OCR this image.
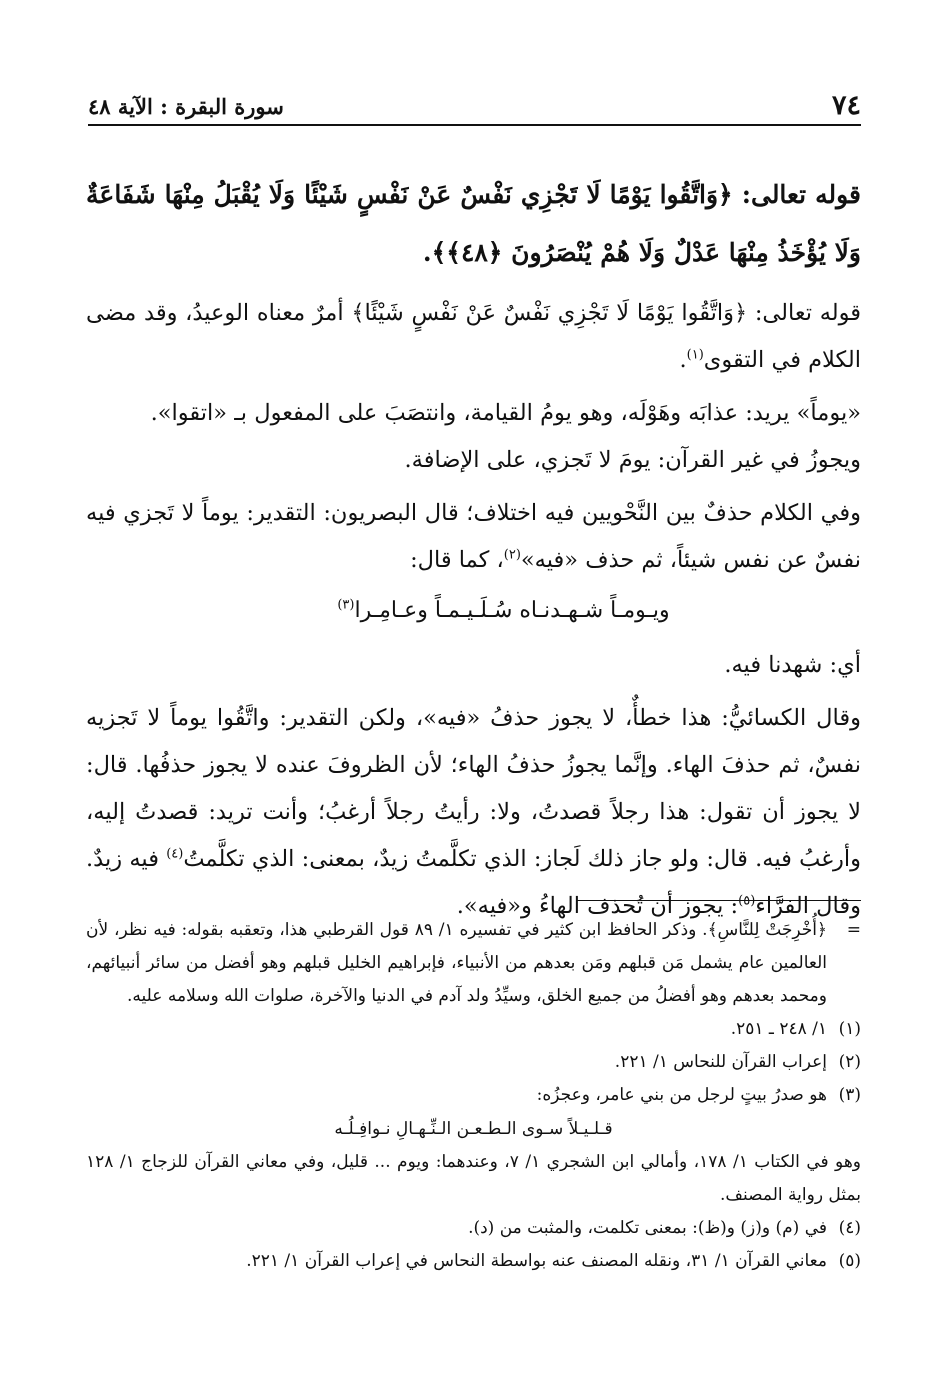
٧٤
سورة البقرة : الآية ٤٨

قوله تعالى: ﴿وَاتَّقُوا يَوْمًا لَا تَجْزِي نَفْسٌ عَنْ نَفْسٍ شَيْئًا وَلَا يُقْبَلُ مِنْهَا شَفَاعَةٌ وَلَا يُؤْخَذُ مِنْهَا عَدْلٌ وَلَا هُمْ يُنْصَرُونَ ﴿٤٨﴾﴾.

قوله تعالى: ﴿وَاتَّقُوا يَوْمًا لَا تَجْزِي نَفْسٌ عَنْ نَفْسٍ شَيْئًا﴾ أمرٌ معناه الوعيدُ، وقد مضى الكلام في التقوى$^{(١)}$.

«يوماً» يريد: عذابَه وهَوْلَه، وهو يومُ القيامة، وانتصَبَ على المفعول بـ «اتقوا».

ويجوزُ في غير القرآن: يومَ لا تَجزي، على الإضافة.

وفي الكلام حذفٌ بين النَّحْويين فيه اختلاف؛ قال البصريون: التقدير: يوماً لا تَجزي فيه نفسٌ عن نفس شيئاً، ثم حذف «فيه»$^{(٢)}$، كما قال:

ويـومـاً شـهـدنـاه سُـلَـيـمـاً وعـامِـرا$^{(٣)}$

أي: شهدنا فيه.

وقال الكسائيُّ: هذا خطأٌ، لا يجوز حذفُ «فيه»، ولكن التقدير: واتَّقُوا يوماً لا تَجزيه نفسٌ، ثم حذفَ الهاء. وإنَّما يجوزُ حذفُ الهاء؛ لأن الظروفَ عنده لا يجوز حذفُها. قال: لا يجوز أن تقول: هذا رجلاً قصدتُ، ولا: رأيتُ رجلاً أرغبُ؛ وأنت تريد: قصدتُ إليه، وأرغبُ فيه. قال: ولو جاز ذلك لَجاز: الذي تكلَّمتُ زيدٌ، بمعنى: الذي تكلَّمتُ$^{(٤)}$ فيه زيدٌ. وقال الفرَّاء$^{(٥)}$: يجوز أن تُحذف الهاءُ و«فيه».

=
﴿أُخْرِجَتْ لِلنَّاسِ﴾. وذكر الحافظ ابن كثير في تفسيره ١/ ٨٩ قول القرطبي هذا، وتعقبه بقوله: فيه نظر، لأن العالمين عام يشمل مَن قبلهم ومَن بعدهم من الأنبياء، فإبراهيم الخليل قبلهم وهو أفضل من سائر أنبيائهم، ومحمد بعدهم وهو أفضلُ من جميع الخلق، وسيِّدُ ولد آدم في الدنيا والآخرة، صلوات الله وسلامه عليه.
(١)
١/ ٢٤٨ ـ ٢٥١.
(٢)
إعراب القرآن للنحاس ١/ ٢٢١.
(٣)
هو صدرُ بيتٍ لرجل من بني عامر، وعجزُه:
قـلـيـلاً سـوى الـطـعـن الـنِّـهـالِ نـوافِـلُـه
وهو في الكتاب ١/ ١٧٨، وأمالي ابن الشجري ١/ ٧، وعندهما: ويوم ... قليل، وفي معاني القرآن للزجاج ١/ ١٢٨ بمثل رواية المصنف.
(٤)
في (م) و(ز) و(ظ): بمعنى تكلمت، والمثبت من (د).
(٥)
معاني القرآن ١/ ٣١، ونقله المصنف عنه بواسطة النحاس في إعراب القرآن ١/ ٢٢١.
